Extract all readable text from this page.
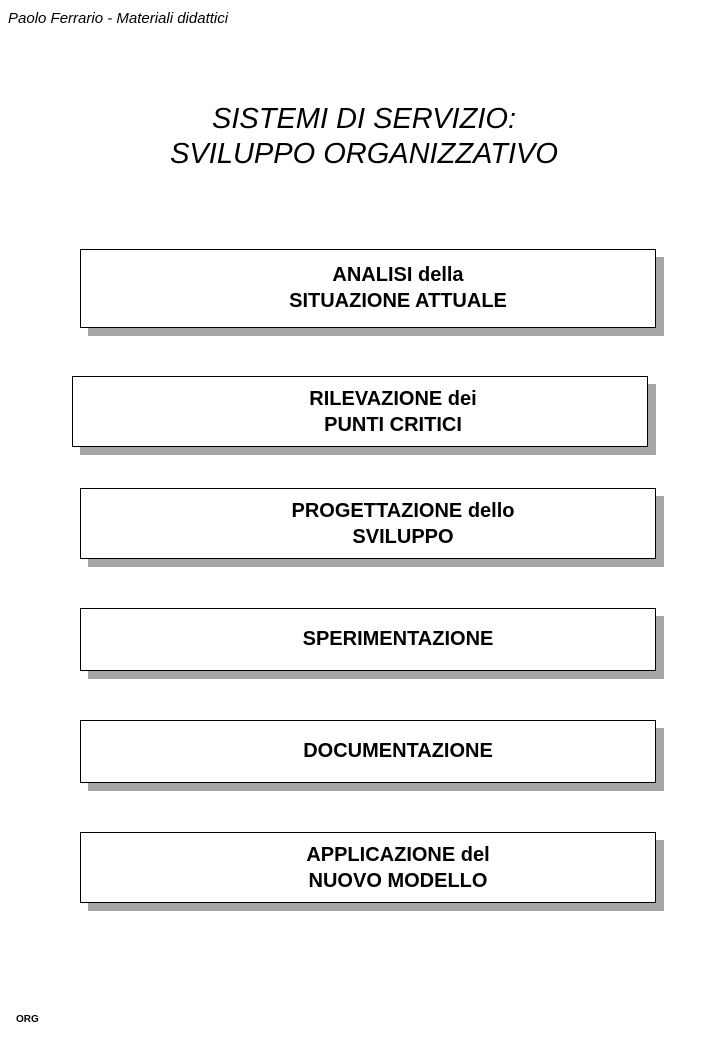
Paolo Ferrario - Materiali didattici
SISTEMI DI SERVIZIO:
SVILUPPO ORGANIZZATIVO
ANALISI della
SITUAZIONE ATTUALE
RILEVAZIONE dei
PUNTI CRITICI
PROGETTAZIONE dello
SVILUPPO
SPERIMENTAZIONE
DOCUMENTAZIONE
APPLICAZIONE del
NUOVO MODELLO
ORG
